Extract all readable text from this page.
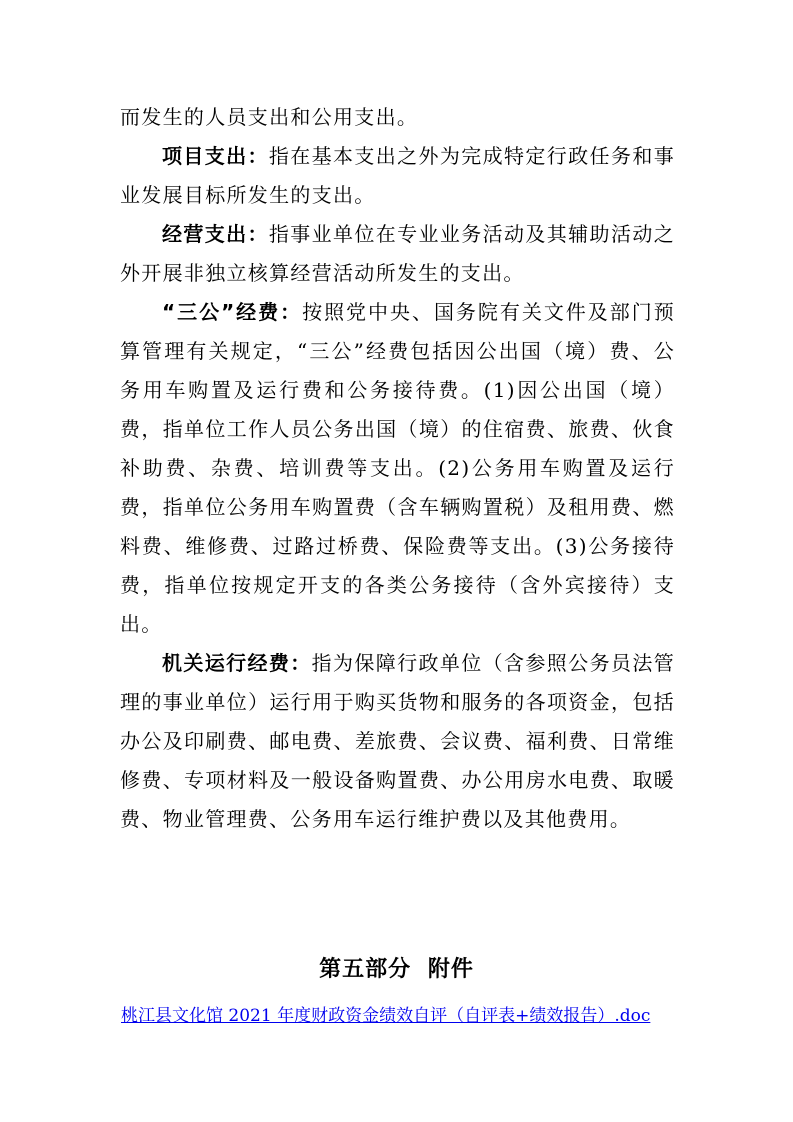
而发生的人员支出和公用支出。

项目支出：指在基本支出之外为完成特定行政任务和事业发展目标所发生的支出。

经营支出：指事业单位在专业业务活动及其辅助活动之外开展非独立核算经营活动所发生的支出。

“三公”经费：按照党中央、国务院有关文件及部门预算管理有关规定，“三公”经费包括因公出国（境）费、公务用车购置及运行费和公务接待费。(1)因公出国（境）费，指单位工作人员公务出国（境）的住宿费、旅费、伙食补助费、杂费、培训费等支出。(2)公务用车购置及运行费，指单位公务用车购置费（含车辆购置税）及租用费、燃料费、维修费、过路过桥费、保险费等支出。(3)公务接待费，指单位按规定开支的各类公务接待（含外宾接待）支出。

机关运行经费：指为保障行政单位（含参照公务员法管理的事业单位）运行用于购买货物和服务的各项资金，包括办公及印刷费、邮电费、差旅费、会议费、福利费、日常维修费、专项材料及一般设备购置费、办公用房水电费、取暖费、物业管理费、公务用车运行维护费以及其他费用。

第五部分 附件
桃江县文化馆 2021 年度财政资金绩效自评（自评表+绩效报告）.doc
